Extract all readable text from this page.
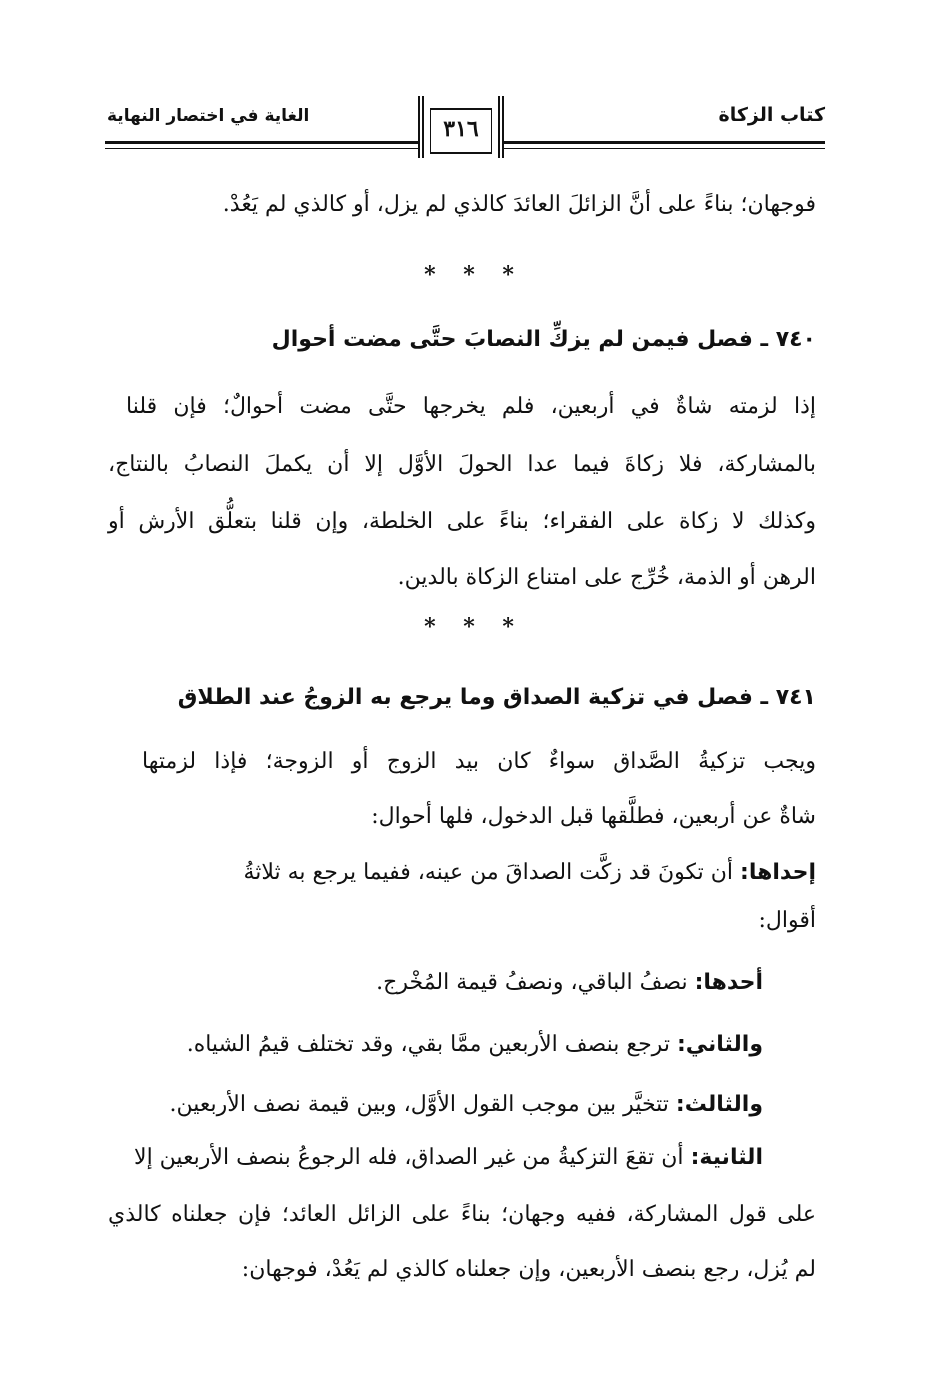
كتاب الزكاة
الغاية في اختصار النهاية	٣١٦
فوجهان؛ بناءً على أنَّ الزائلَ العائدَ كالذي لم يزل، أو كالذي لم يَعُدْ.
* * *
٧٤٠ ـ فصل فيمن لم يزكِّ النصابَ حتَّى مضت أحوال
إذا لزمته شاةٌ في أربعين، فلم يخرجها حتَّى مضت أحوالٌ؛ فإن قلنا
بالمشاركة، فلا زكاةَ فيما عدا الحولَ الأوَّل إلا أن يكملَ النصابُ بالنتاج،
وكذلك لا زكاة على الفقراء؛ بناءً على الخلطة، وإن قلنا بتعلُّق الأرش أو
الرهن أو الذمة، خُرِّج على امتناع الزكاة بالدين.
* * *
٧٤١ ـ فصل في تزكية الصداق وما يرجع به الزوجُ عند الطلاق
ويجب تزكيةُ الصَّداق سواءٌ كان بيد الزوج أو الزوجة؛ فإذا لزمتها
شاةٌ عن أربعين، فطلَّقها قبل الدخول، فلها أحوال:
إحداها: أن تكونَ قد زكَّت الصداقَ من عينه، ففيما يرجع به ثلاثةُ
أقوال:
أحدها: نصفُ الباقي، ونصفُ قيمة المُخْرج.
والثاني: ترجع بنصف الأربعين ممَّا بقي، وقد تختلف قيمُ الشياه.
والثالث: تتخيَّر بين موجب القول الأوَّل، وبين قيمة نصف الأربعين.
الثانية: أن تقعَ التزكيةُ من غير الصداق، فله الرجوعُ بنصف الأربعين إلا
على قول المشاركة، ففيه وجهان؛ بناءً على الزائل العائد؛ فإن جعلناه كالذي
لم يُزل، رجع بنصف الأربعين، وإن جعلناه كالذي لم يَعُدْ، فوجهان:
